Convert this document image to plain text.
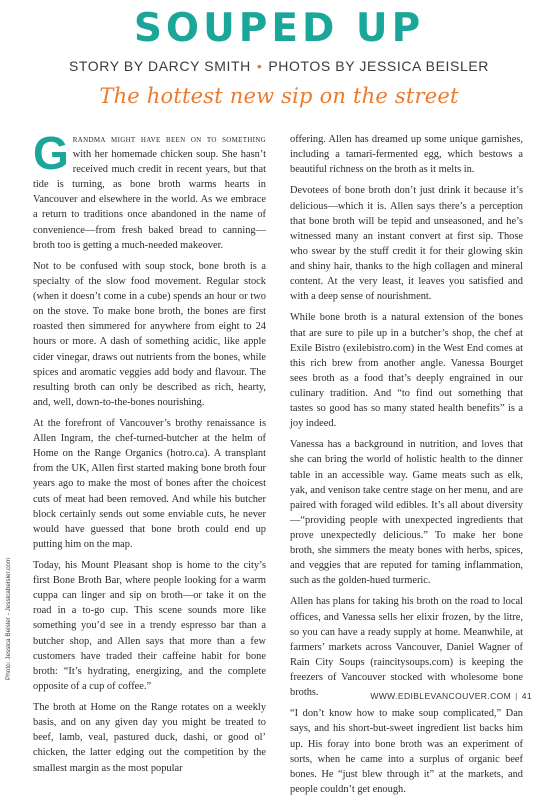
SOUPED UP
STORY BY DARCY SMITH • PHOTOS BY JESSICA BEISLER
The hottest new sip on the street

Grandma might have been on to something with her homemade chicken soup. She hasn’t received much credit in recent years, but that tide is turning, as bone broth warms hearts in Vancouver and elsewhere in the world. As we embrace a return to traditions once abandoned in the name of convenience—from fresh baked bread to canning—broth too is getting a much-needed makeover.

Not to be confused with soup stock, bone broth is a specialty of the slow food movement. Regular stock (when it doesn’t come in a cube) spends an hour or two on the stove. To make bone broth, the bones are first roasted then simmered for anywhere from eight to 24 hours or more. A dash of something acidic, like apple cider vinegar, draws out nutrients from the bones, while spices and aromatic veggies add body and flavour. The resulting broth can only be described as rich, hearty, and, well, down-to-the-bones nourishing.

At the forefront of Vancouver’s brothy renaissance is Allen Ingram, the chef-turned-butcher at the helm of Home on the Range Organics (hotro.ca). A transplant from the UK, Allen first started making bone broth four years ago to make the most of bones after the choicest cuts of meat had been removed. And while his butcher block certainly sends out some enviable cuts, he never would have guessed that bone broth could end up putting him on the map.

Today, his Mount Pleasant shop is home to the city’s first Bone Broth Bar, where people looking for a warm cuppa can linger and sip on broth—or take it on the road in a to-go cup. This scene sounds more like something you’d see in a trendy espresso bar than a butcher shop, and Allen says that more than a few customers have traded their caffeine habit for bone broth: “It’s hydrating, energizing, and the complete opposite of a cup of coffee.”

The broth at Home on the Range rotates on a weekly basis, and on any given day you might be treated to beef, lamb, veal, pastured duck, dashi, or good ol’ chicken, the latter edging out the competition by the smallest margin as the most popular

offering. Allen has dreamed up some unique garnishes, including a tamari-fermented egg, which bestows a beautiful richness on the broth as it melts in.

Devotees of bone broth don’t just drink it because it’s delicious—which it is. Allen says there’s a perception that bone broth will be tepid and unseasoned, and he’s witnessed many an instant convert at first sip. Those who swear by the stuff credit it for their glowing skin and shiny hair, thanks to the high collagen and mineral content. At the very least, it leaves you satisfied and with a deep sense of nourishment.

While bone broth is a natural extension of the bones that are sure to pile up in a butcher’s shop, the chef at Exile Bistro (exilebistro.com) in the West End comes at this rich brew from another angle. Vanessa Bourget sees broth as a food that’s deeply engrained in our culinary tradition. And “to find out something that tastes so good has so many stated health benefits” is a joy indeed.

Vanessa has a background in nutrition, and loves that she can bring the world of holistic health to the dinner table in an accessible way. Game meats such as elk, yak, and venison take centre stage on her menu, and are paired with foraged wild edibles. It’s all about diversity—“providing people with unexpected ingredients that prove unexpectedly delicious.” To make her bone broth, she simmers the meaty bones with herbs, spices, and veggies that are reputed for taming inflammation, such as the golden-hued turmeric.

Allen has plans for taking his broth on the road to local offices, and Vanessa sells her elixir frozen, by the litre, so you can have a ready supply at home. Meanwhile, at farmers’ markets across Vancouver, Daniel Wagner of Rain City Soups (raincitysoups.com) is keeping the freezers of Vancouver stocked with wholesome bone broths.

“I don’t know how to make soup complicated,” Dan says, and his short-but-sweet ingredient list backs him up. His foray into bone broth was an experiment of sorts, when he came into a surplus of organic beef bones. He “just blew through it” at the markets, and people couldn’t get enough.

Photo: Jessica Beisler - Jessicabeisler.com
WWW.EDIBLEVANCOUVER.COM | 41
